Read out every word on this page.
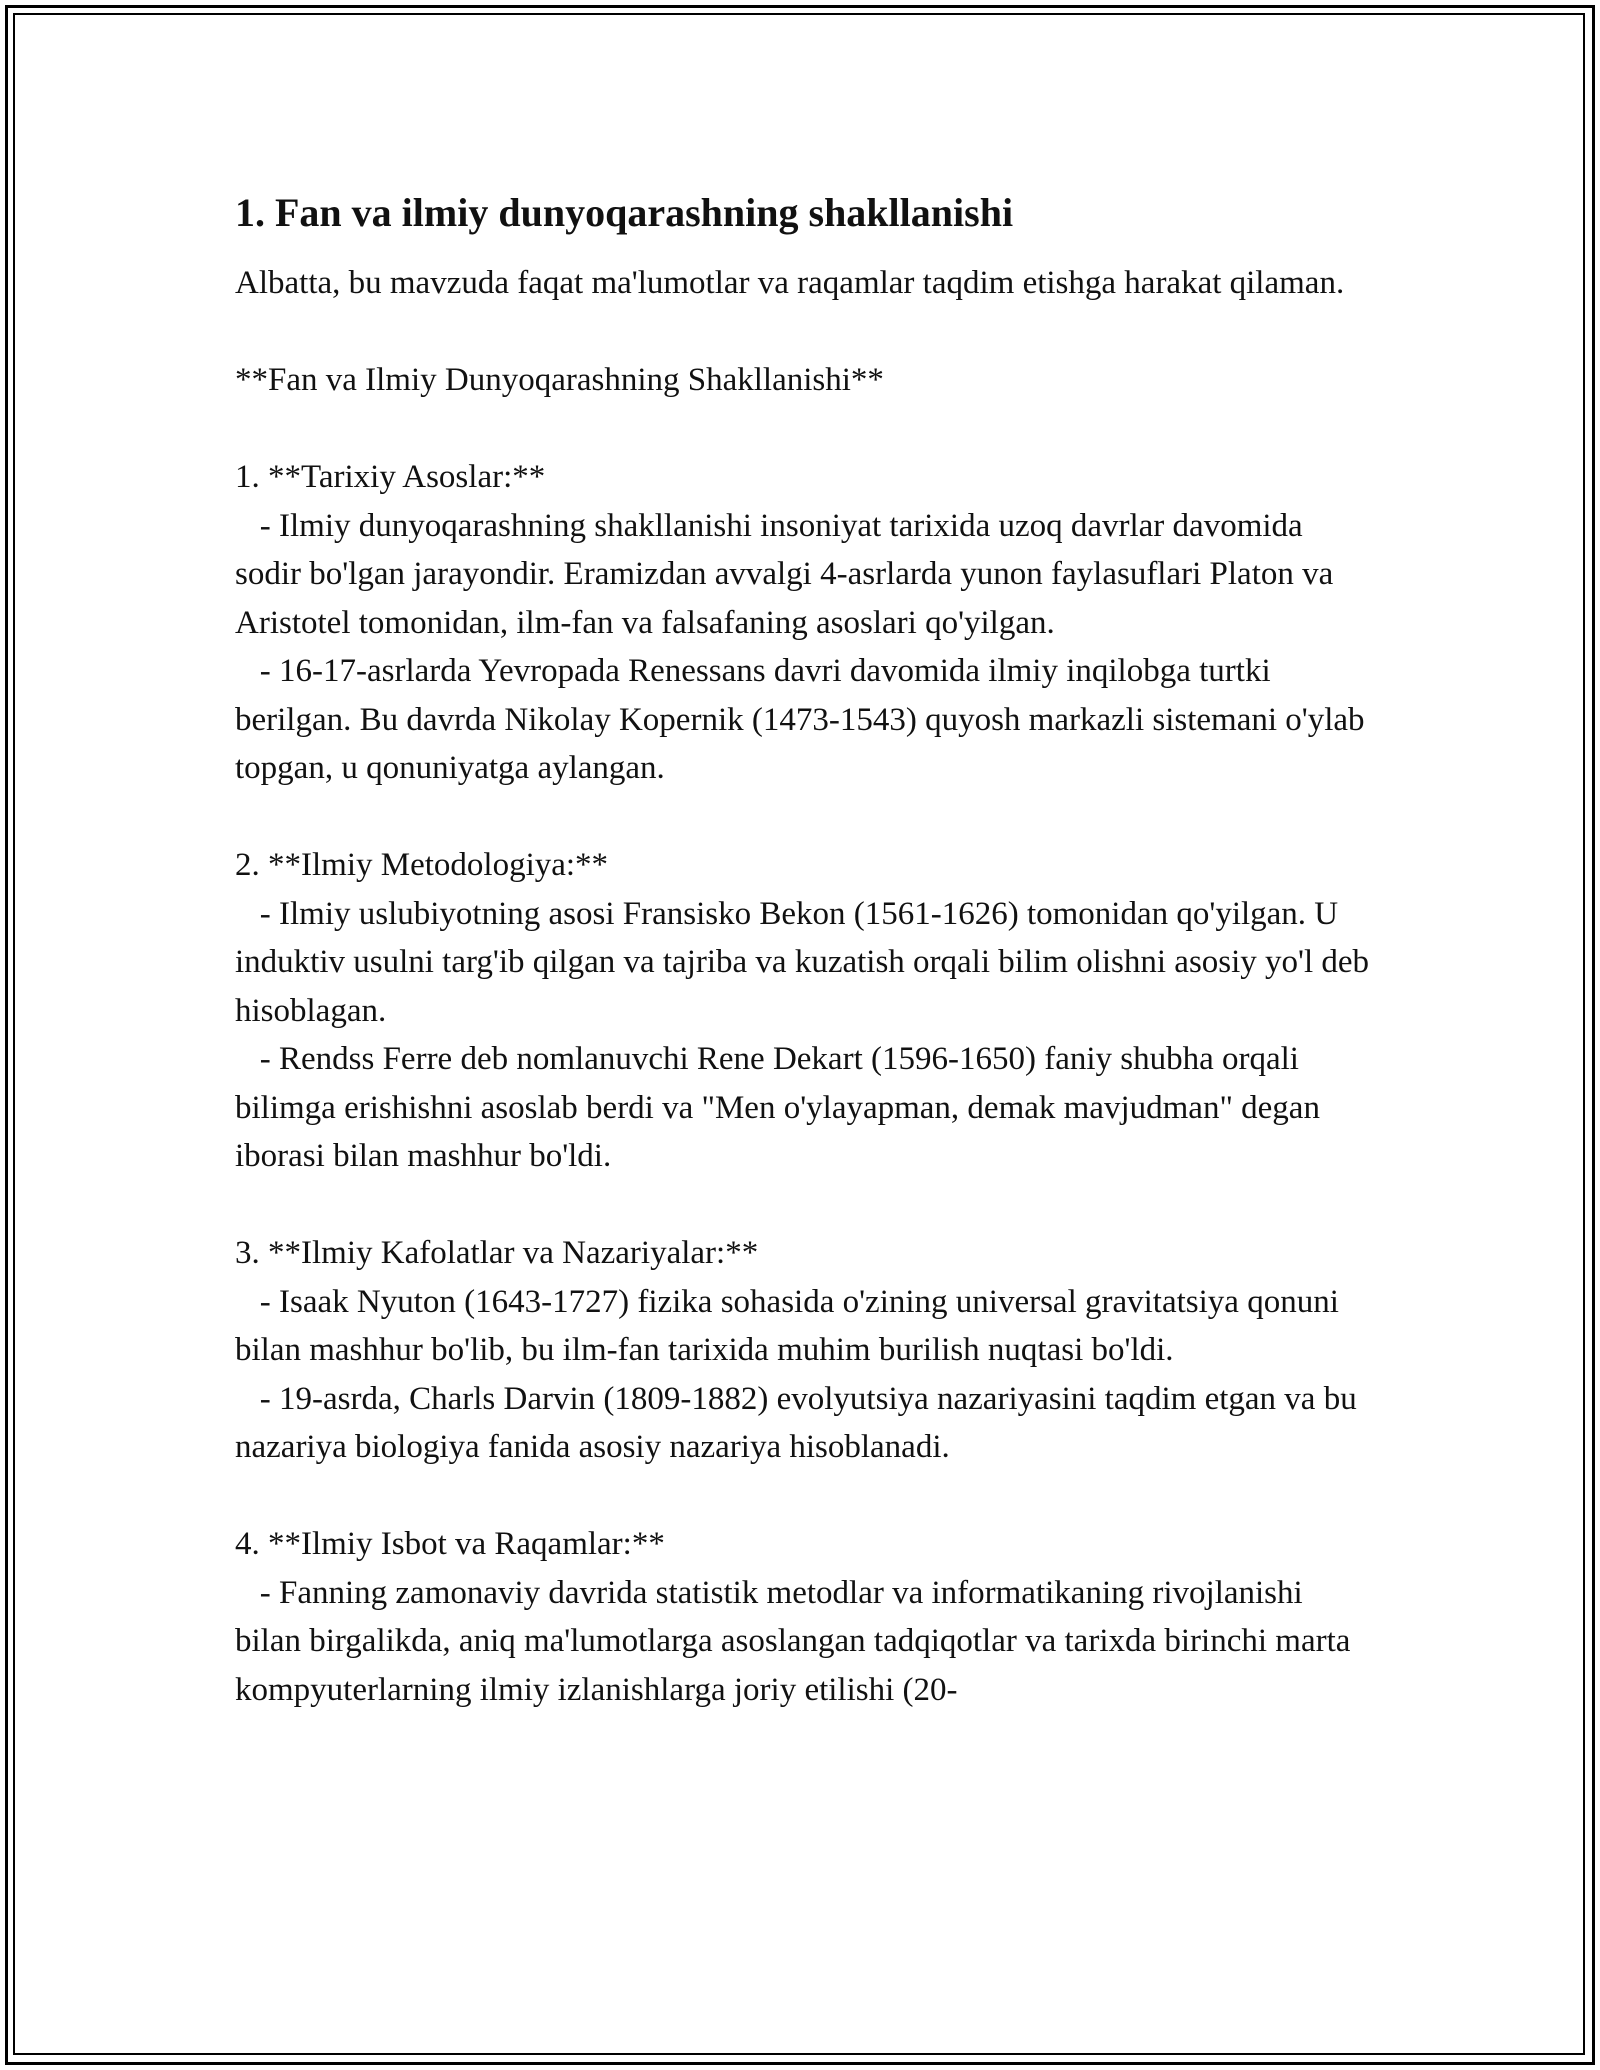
1. Fan va ilmiy dunyoqarashning shakllanishi

Albatta, bu mavzuda faqat ma'lumotlar va raqamlar taqdim etishga harakat qilaman.

**Fan va Ilmiy Dunyoqarashning Shakllanishi**

1. **Tarixiy Asoslar:**

- Ilmiy dunyoqarashning shakllanishi insoniyat tarixida uzoq davrlar davomida sodir bo'lgan jarayondir. Eramizdan avvalgi 4-asrlarda yunon faylasuflari Platon va Aristotel tomonidan, ilm-fan va falsafaning asoslari qo'yilgan.

- 16-17-asrlarda Yevropada Renessans davri davomida ilmiy inqilobga turtki berilgan. Bu davrda Nikolay Kopernik (1473-1543) quyosh markazli sistemani o'ylab topgan, u qonuniyatga aylangan.

2. **Ilmiy Metodologiya:**

- Ilmiy uslubiyotning asosi Fransisko Bekon (1561-1626) tomonidan qo'yilgan. U induktiv usulni targ'ib qilgan va tajriba va kuzatish orqali bilim olishni asosiy yo'l deb hisoblagan.

- Rendss Ferre deb nomlanuvchi Rene Dekart (1596-1650) faniy shubha orqali bilimga erishishni asoslab berdi va "Men o'ylayapman, demak mavjudman" degan iborasi bilan mashhur bo'ldi.

3. **Ilmiy Kafolatlar va Nazariyalar:**

- Isaak Nyuton (1643-1727) fizika sohasida o'zining universal gravitatsiya qonuni bilan mashhur bo'lib, bu ilm-fan tarixida muhim burilish nuqtasi bo'ldi.

- 19-asrda, Charls Darvin (1809-1882) evolyutsiya nazariyasini taqdim etgan va bu nazariya biologiya fanida asosiy nazariya hisoblanadi.

4. **Ilmiy Isbot va Raqamlar:**

- Fanning zamonaviy davrida statistik metodlar va informatikaning rivojlanishi bilan birgalikda, aniq ma'lumotlarga asoslangan tadqiqotlar va tarixda birinchi marta kompyuterlarning ilmiy izlanishlarga joriy etilishi (20-
